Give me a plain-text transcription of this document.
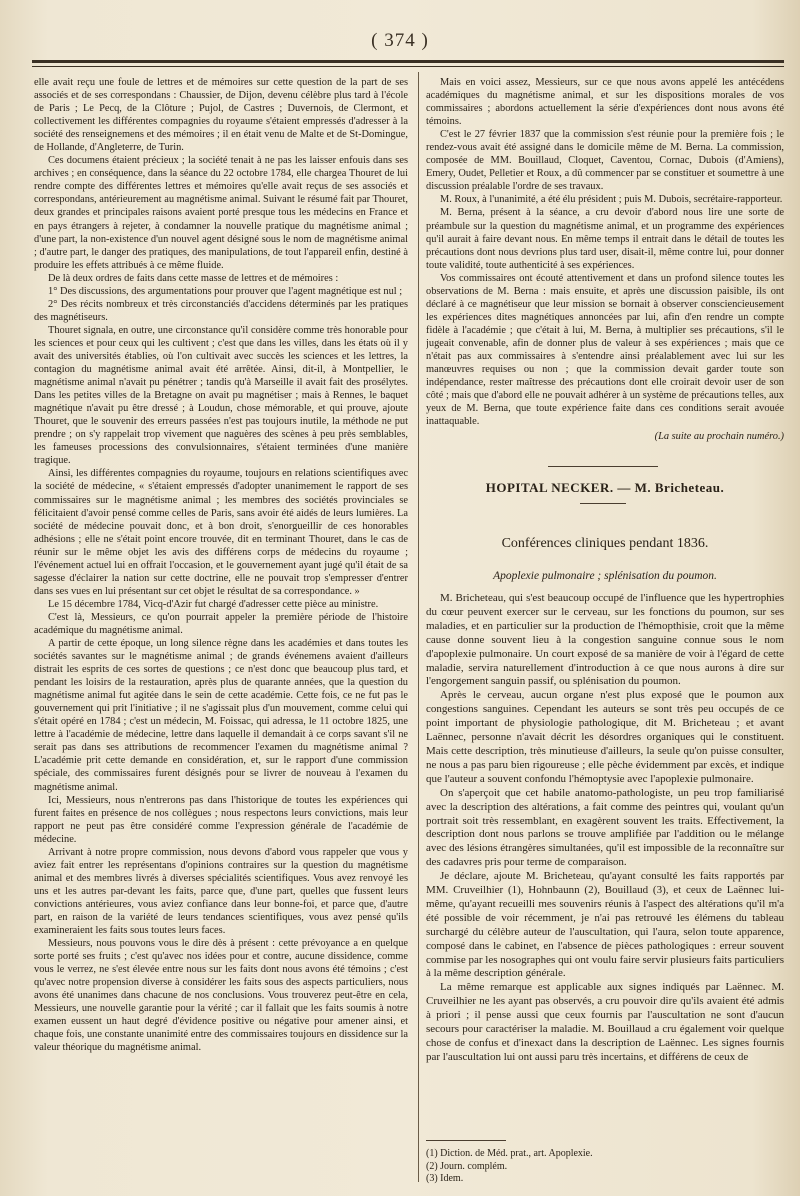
( 374 )

elle avait reçu une foule de lettres et de mémoires sur cette question de la part de ses associés et de ses correspondans : Chaussier, de Dijon, devenu célèbre plus tard à l'école de Paris ; Le Pecq, de la Clôture ; Pujol, de Castres ; Duvernois, de Clermont, et collectivement les différentes compagnies du royaume s'étaient empressés d'adresser à la société des renseignemens et des mémoires ; il en était venu de Malte et de St-Domingue, de Hollande, d'Angleterre, de Turin.

Ces documens étaient précieux ; la société tenait à ne pas les laisser enfouis dans ses archives ; en conséquence, dans la séance du 22 octobre 1784, elle chargea Thouret de lui rendre compte des différentes lettres et mémoires qu'elle avait reçus de ses associés et correspondans, antérieurement au magnétisme animal. Suivant le résumé fait par Thouret, deux grandes et principales raisons avaient porté presque tous les médecins en France et en pays étrangers à rejeter, à condamner la nouvelle pratique du magnétisme animal ; d'une part, la non-existence d'un nouvel agent désigné sous le nom de magnétisme animal ; d'autre part, le danger des pratiques, des manipulations, de tout l'appareil enfin, destiné à produire les effets attribués à ce même fluide.

De là deux ordres de faits dans cette masse de lettres et de mémoires :

1° Des discussions, des argumentations pour prouver que l'agent magnétique est nul ;

2° Des récits nombreux et très circonstanciés d'accidens déterminés par les pratiques des magnétiseurs.

Thouret signala, en outre, une circonstance qu'il considère comme très honorable pour les sciences et pour ceux qui les cultivent ; c'est que dans les villes, dans les états où il y avait des universités établies, où l'on cultivait avec succès les sciences et les lettres, la contagion du magnétisme animal avait été arrêtée. Ainsi, dit-il, à Montpellier, le magnétisme animal n'avait pu pénétrer ; tandis qu'à Marseille il avait fait des prosélytes. Dans les petites villes de la Bretagne on avait pu magnétiser ; mais à Rennes, le baquet magnétique n'avait pu être dressé ; à Loudun, chose mémorable, et qui prouve, ajoute Thouret, que le souvenir des erreurs passées n'est pas toujours inutile, la méthode ne put prendre ; on s'y rappelait trop vivement que naguères des scènes à peu près semblables, les fameuses processions des convulsionnaires, s'étaient terminées d'une manière tragique.

Ainsi, les différentes compagnies du royaume, toujours en relations scientifiques avec la société de médecine, « s'étaient empressés d'adopter unanimement le rapport de ses commissaires sur le magnétisme animal ; les membres des sociétés provinciales se félicitaient d'avoir pensé comme celles de Paris, sans avoir été aidés de leurs lumières. La société de médecine pouvait donc, et à bon droit, s'enorgueillir de ces honorables adhésions ; elle ne s'était point encore trouvée, dit en terminant Thouret, dans le cas de réunir sur le même objet les avis des différens corps de médecins du royaume ; l'événement actuel lui en offrait l'occasion, et le gouvernement ayant jugé qu'il était de sa sagesse d'éclairer la nation sur cette doctrine, elle ne pouvait trop s'empresser d'entrer dans ses vues en lui présentant sur cet objet le résultat de sa correspondance. »

Le 15 décembre 1784, Vicq-d'Azir fut chargé d'adresser cette pièce au ministre.

C'est là, Messieurs, ce qu'on pourrait appeler la première période de l'histoire académique du magnétisme animal.

A partir de cette époque, un long silence règne dans les académies et dans toutes les sociétés savantes sur le magnétisme animal ; de grands événemens avaient d'ailleurs distrait les esprits de ces sortes de questions ; ce n'est donc que beaucoup plus tard, et pendant les loisirs de la restauration, après plus de quarante années, que la question du magnétisme animal fut agitée dans le sein de cette académie. Cette fois, ce ne fut pas le gouvernement qui prit l'initiative ; il ne s'agissait plus d'un mouvement, comme celui qui s'était opéré en 1784 ; c'est un médecin, M. Foissac, qui adressa, le 11 octobre 1825, une lettre à l'académie de médecine, lettre dans laquelle il demandait à ce corps savant s'il ne serait pas dans ses attributions de recommencer l'examen du magnétisme animal ? L'académie prit cette demande en considération, et, sur le rapport d'une commission spéciale, des commissaires furent désignés pour se livrer de nouveau à l'examen du magnétisme animal.

Ici, Messieurs, nous n'entrerons pas dans l'historique de toutes les expériences qui furent faites en présence de nos collègues ; nous respectons leurs convictions, mais leur rapport ne peut pas être considéré comme l'expression générale de l'académie de médecine.

Arrivant à notre propre commission, nous devons d'abord vous rappeler que vous y aviez fait entrer les représentans d'opinions contraires sur la question du magnétisme animal et des membres livrés à diverses spécialités scientifiques. Vous avez renvoyé les uns et les autres par-devant les faits, parce que, d'une part, quelles que fussent leurs convictions antérieures, vous aviez confiance dans leur bonne-foi, et parce que, d'autre part, en raison de la variété de leurs tendances scientifiques, vous avez pensé qu'ils examineraient les faits sous toutes leurs faces.

Messieurs, nous pouvons vous le dire dès à présent : cette prévoyance a en quelque sorte porté ses fruits ; c'est qu'avec nos idées pour et contre, aucune dissidence, comme vous le verrez, ne s'est élevée entre nous sur les faits dont nous avons été témoins ; c'est qu'avec notre propension diverse à considérer les faits sous des aspects particuliers, nous avons été unanimes dans chacune de nos conclusions. Vous trouverez peut-être en cela, Messieurs, une nouvelle garantie pour la vérité ; car il fallait que les faits soumis à notre examen eussent un haut degré d'évidence positive ou négative pour amener ainsi, et chaque fois, une constante unanimité entre des commissaires toujours en dissidence sur la valeur théorique du magnétisme animal.

Mais en voici assez, Messieurs, sur ce que nous avons appelé les antécédens académiques du magnétisme animal, et sur les dispositions morales de vos commissaires ; abordons actuellement la série d'expériences dont nous avons été témoins.

C'est le 27 février 1837 que la commission s'est réunie pour la première fois ; le rendez-vous avait été assigné dans le domicile même de M. Berna. La commission, composée de MM. Bouillaud, Cloquet, Caventou, Cornac, Dubois (d'Amiens), Emery, Oudet, Pelletier et Roux, a dû commencer par se constituer et soumettre à une discussion préalable l'ordre de ses travaux.

M. Roux, à l'unanimité, a été élu président ; puis M. Dubois, secrétaire-rapporteur.

M. Berna, présent à la séance, a cru devoir d'abord nous lire une sorte de préambule sur la question du magnétisme animal, et un programme des expériences qu'il aurait à faire devant nous. En même temps il entrait dans le détail de toutes les précautions dont nous devrions plus tard user, disait-il, même contre lui, pour donner toute validité, toute authenticité à ses expériences.

Vos commissaires ont écouté attentivement et dans un profond silence toutes les observations de M. Berna : mais ensuite, et après une discussion paisible, ils ont déclaré à ce magnétiseur que leur mission se bornait à observer consciencieusement les expériences dites magnétiques annoncées par lui, afin d'en rendre un compte fidèle à l'académie ; que c'était à lui, M. Berna, à multiplier ses précautions, s'il le jugeait convenable, afin de donner plus de valeur à ses expériences ; mais que ce n'était pas aux commissaires à s'entendre ainsi préalablement avec lui sur les manœuvres requises ou non ; que la commission devait garder toute son indépendance, rester maîtresse des précautions dont elle croirait devoir user de son côté ; mais que d'abord elle ne pouvait adhérer à un système de précautions telles, aux yeux de M. Berna, que toute expérience faite dans ces conditions serait avouée inattaquable.

(La suite au prochain numéro.)
HOPITAL NECKER. — M. Bricheteau.
Conférences cliniques pendant 1836.
Apoplexie pulmonaire ; splénisation du poumon.

M. Bricheteau, qui s'est beaucoup occupé de l'influence que les hypertrophies du cœur peuvent exercer sur le cerveau, sur les fonctions du poumon, sur ses maladies, et en particulier sur la production de l'hémopthisie, croit que la même cause donne souvent lieu à la congestion sanguine connue sous le nom d'apoplexie pulmonaire. Un court exposé de sa manière de voir à l'égard de cette maladie, servira naturellement d'introduction à ce que nous aurons à dire sur l'engorgement sanguin passif, ou splénisation du poumon.

Après le cerveau, aucun organe n'est plus exposé que le poumon aux congestions sanguines. Cependant les auteurs se sont très peu occupés de ce point important de physiologie pathologique, dit M. Bricheteau ; et avant Laënnec, personne n'avait décrit les désordres organiques qui le constituent. Mais cette description, très minutieuse d'ailleurs, la seule qu'on puisse consulter, ne nous a pas paru bien rigoureuse ; elle pèche évidemment par excès, et indique que l'auteur a souvent confondu l'hémoptysie avec l'apoplexie pulmonaire.

On s'aperçoit que cet habile anatomo-pathologiste, un peu trop familiarisé avec la description des altérations, a fait comme des peintres qui, voulant qu'un portrait soit très ressemblant, en exagèrent souvent les traits. Effectivement, la description dont nous parlons se trouve amplifiée par l'addition ou le mélange avec des lésions étrangères simultanées, qu'il est impossible de la reconnaître sur des cadavres pris pour terme de comparaison.

Je déclare, ajoute M. Bricheteau, qu'ayant consulté les faits rapportés par MM. Cruveilhier (1), Hohnbaunn (2), Bouillaud (3), et ceux de Laënnec lui-même, qu'ayant recueilli mes souvenirs réunis à l'aspect des altérations qu'il m'a été possible de voir récemment, je n'ai pas retrouvé les élémens du tableau surchargé du célèbre auteur de l'auscultation, qui l'aura, selon toute apparence, composé dans le cabinet, en l'absence de pièces pathologiques : erreur souvent commise par les nosographes qui ont voulu faire servir plusieurs faits particuliers à la même description générale.

La même remarque est applicable aux signes indiqués par Laënnec. M. Cruveilhier ne les ayant pas observés, a cru pouvoir dire qu'ils avaient été admis à priori ; il pense aussi que ceux fournis par l'auscultation ne sont d'aucun secours pour caractériser la maladie. M. Bouillaud a cru également voir quelque chose de confus et d'inexact dans la description de Laënnec. Les signes fournis par l'auscultation lui ont aussi paru très incertains, et différens de ceux de

(1) Diction. de Méd. prat., art. Apoplexie.
(2) Journ. complém.
(3) Idem.
